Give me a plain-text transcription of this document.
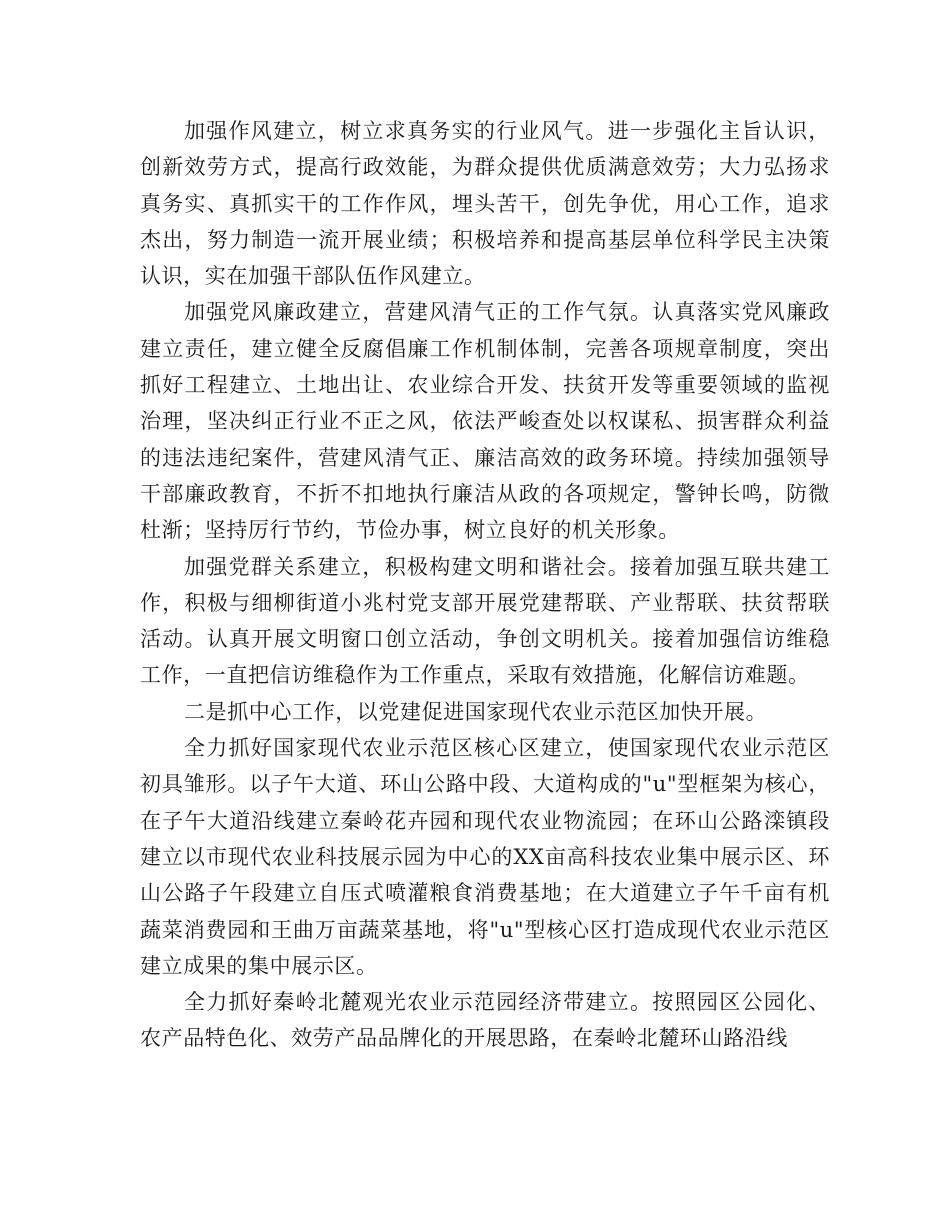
加强作风建立，树立求真务实的行业风气。进一步强化主旨认识，创新效劳方式，提高行政效能，为群众提供优质满意效劳；大力弘扬求真务实、真抓实干的工作作风，埋头苦干，创先争优，用心工作，追求杰出，努力制造一流开展业绩；积极培养和提高基层单位科学民主决策认识，实在加强干部队伍作风建立。

加强党风廉政建立，营建风清气正的工作气氛。认真落实党风廉政建立责任，建立健全反腐倡廉工作机制体制，完善各项规章制度，突出抓好工程建立、土地出让、农业综合开发、扶贫开发等重要领域的监视治理，坚决纠正行业不正之风，依法严峻查处以权谋私、损害群众利益的违法违纪案件，营建风清气正、廉洁高效的政务环境。持续加强领导干部廉政教育，不折不扣地执行廉洁从政的各项规定，警钟长鸣，防微杜渐；坚持厉行节约，节俭办事，树立良好的机关形象。

加强党群关系建立，积极构建文明和谐社会。接着加强互联共建工作，积极与细柳街道小兆村党支部开展党建帮联、产业帮联、扶贫帮联活动。认真开展文明窗口创立活动，争创文明机关。接着加强信访维稳工作，一直把信访维稳作为工作重点，采取有效措施，化解信访难题。

二是抓中心工作，以党建促进国家现代农业示范区加快开展。

全力抓好国家现代农业示范区核心区建立，使国家现代农业示范区初具雏形。以子午大道、环山公路中段、大道构成的"u"型框架为核心，在子午大道沿线建立秦岭花卉园和现代农业物流园；在环山公路滦镇段建立以市现代农业科技展示园为中心的XX亩高科技农业集中展示区、环山公路子午段建立自压式喷灌粮食消费基地；在大道建立子午千亩有机蔬菜消费园和王曲万亩蔬菜基地，将"u"型核心区打造成现代农业示范区建立成果的集中展示区。

全力抓好秦岭北麓观光农业示范园经济带建立。按照园区公园化、农产品特色化、效劳产品品牌化的开展思路，在秦岭北麓环山路沿线
